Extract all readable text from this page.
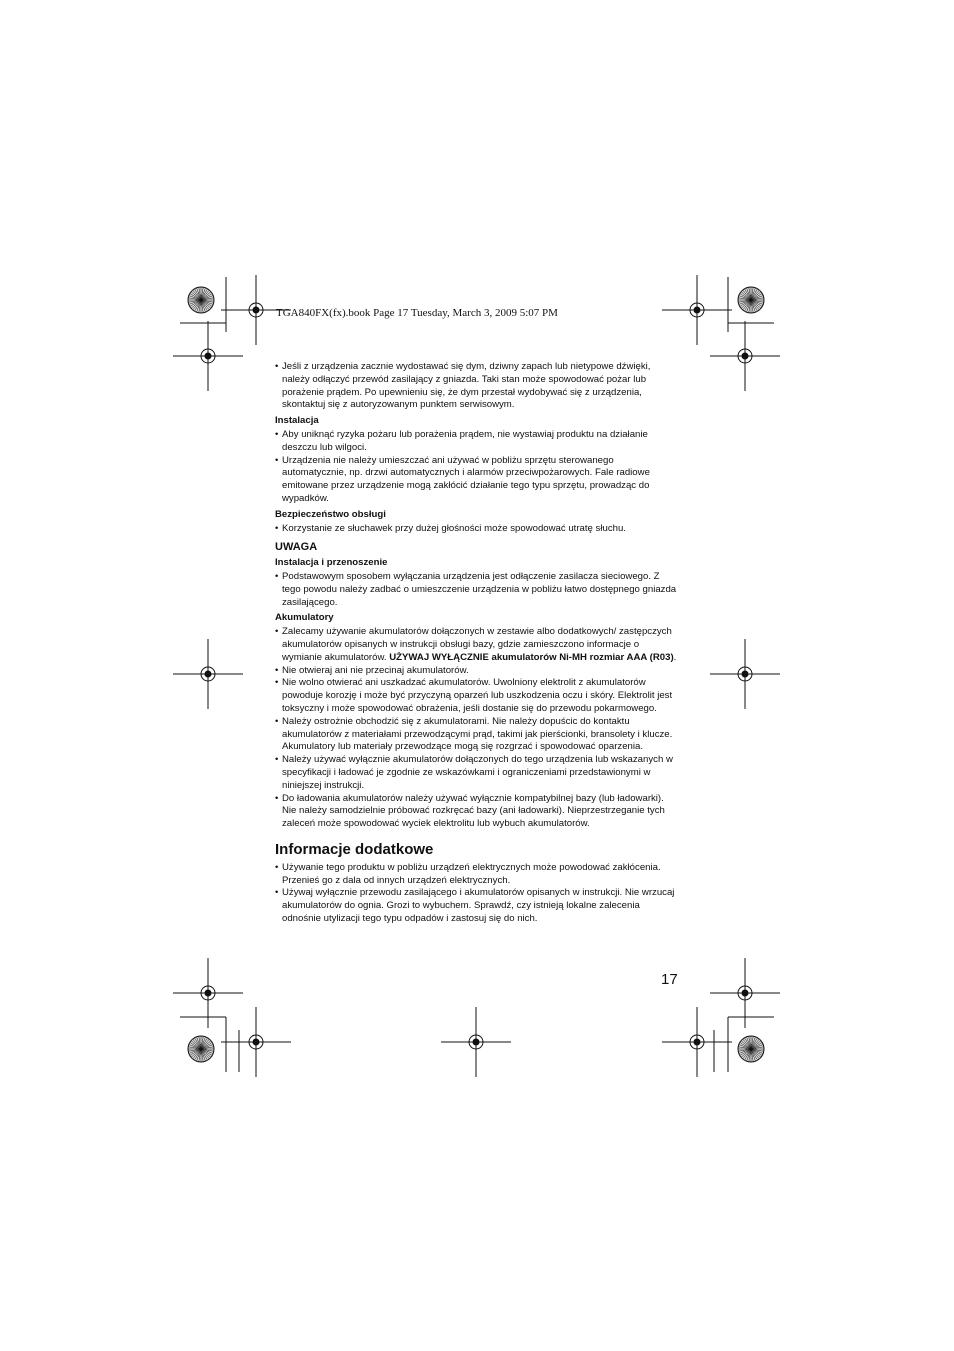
TGA840FX(fx).book Page 17 Tuesday, March 3, 2009 5:07 PM
• Jeśli z urządzenia zacznie wydostawać się dym, dziwny zapach lub nietypowe dźwięki, należy odłączyć przewód zasilający z gniazda. Taki stan może spowodować pożar lub porażenie prądem. Po upewnieniu się, że dym przestał wydobywać się z urządzenia, skontaktuj się z autoryzowanym punktem serwisowym.
Instalacja
• Aby uniknąć ryzyka pożaru lub porażenia prądem, nie wystawiaj produktu na działanie deszczu lub wilgoci.
• Urządzenia nie należy umieszczać ani używać w pobliżu sprzętu sterowanego automatycznie, np. drzwi automatycznych i alarmów przeciwpożarowych. Fale radiowe emitowane przez urządzenie mogą zakłócić działanie tego typu sprzętu, prowadząc do wypadków.
Bezpieczeństwo obsługi
• Korzystanie ze słuchawek przy dużej głośności może spowodować utratę słuchu.
UWAGA
Instalacja i przenoszenie
• Podstawowym sposobem wyłączania urządzenia jest odłączenie zasilacza sieciowego. Z tego powodu należy zadbać o umieszczenie urządzenia w pobliżu łatwo dostępnego gniazda zasilającego.
Akumulatory
• Zalecamy używanie akumulatorów dołączonych w zestawie albo dodatkowych/ zastępczych akumulatorów opisanych w instrukcji obsługi bazy, gdzie zamieszczono informacje o wymianie akumulatorów. UŻYWAJ WYŁĄCZNIE akumulatorów Ni-MH rozmiar AAA (R03).
• Nie otwieraj ani nie przecinaj akumulatorów.
• Nie wolno otwierać ani uszkadzać akumulatorów. Uwolniony elektrolit z akumulatorów powoduje korozję i może być przyczyną oparzeń lub uszkodzenia oczu i skóry. Elektrolit jest toksyczny i może spowodować obrażenia, jeśli dostanie się do przewodu pokarmowego.
• Należy ostrożnie obchodzić się z akumulatorami. Nie należy dopuścic do kontaktu akumulatorów z materiałami przewodzącymi prąd, takimi jak pierścionki, bransolety i klucze. Akumulatory lub materiały przewodzące mogą się rozgrzać i spowodować oparzenia.
• Należy używać wyłącznie akumulatorów dołączonych do tego urządzenia lub wskazanych w specyfikacji i ładować je zgodnie ze wskazówkami i ograniczeniami przedstawionymi w niniejszej instrukcji.
• Do ładowania akumulatorów należy używać wyłącznie kompatybilnej bazy (lub ładowarki). Nie należy samodzielnie próbować rozkręcać bazy (ani ładowarki). Nieprzestrzeganie tych zaleceń może spowodować wyciek elektrolitu lub wybuch akumulatorów.
Informacje dodatkowe
• Używanie tego produktu w pobliżu urządzeń elektrycznych może powodować zakłócenia. Przenieś go z dala od innych urządzeń elektrycznych.
• Używaj wyłącznie przewodu zasilającego i akumulatorów opisanych w instrukcji. Nie wrzucaj akumulatorów do ognia. Grozi to wybuchem. Sprawdź, czy istnieją lokalne zalecenia odnośnie utylizacji tego typu odpadów i zastosuj się do nich.
17
